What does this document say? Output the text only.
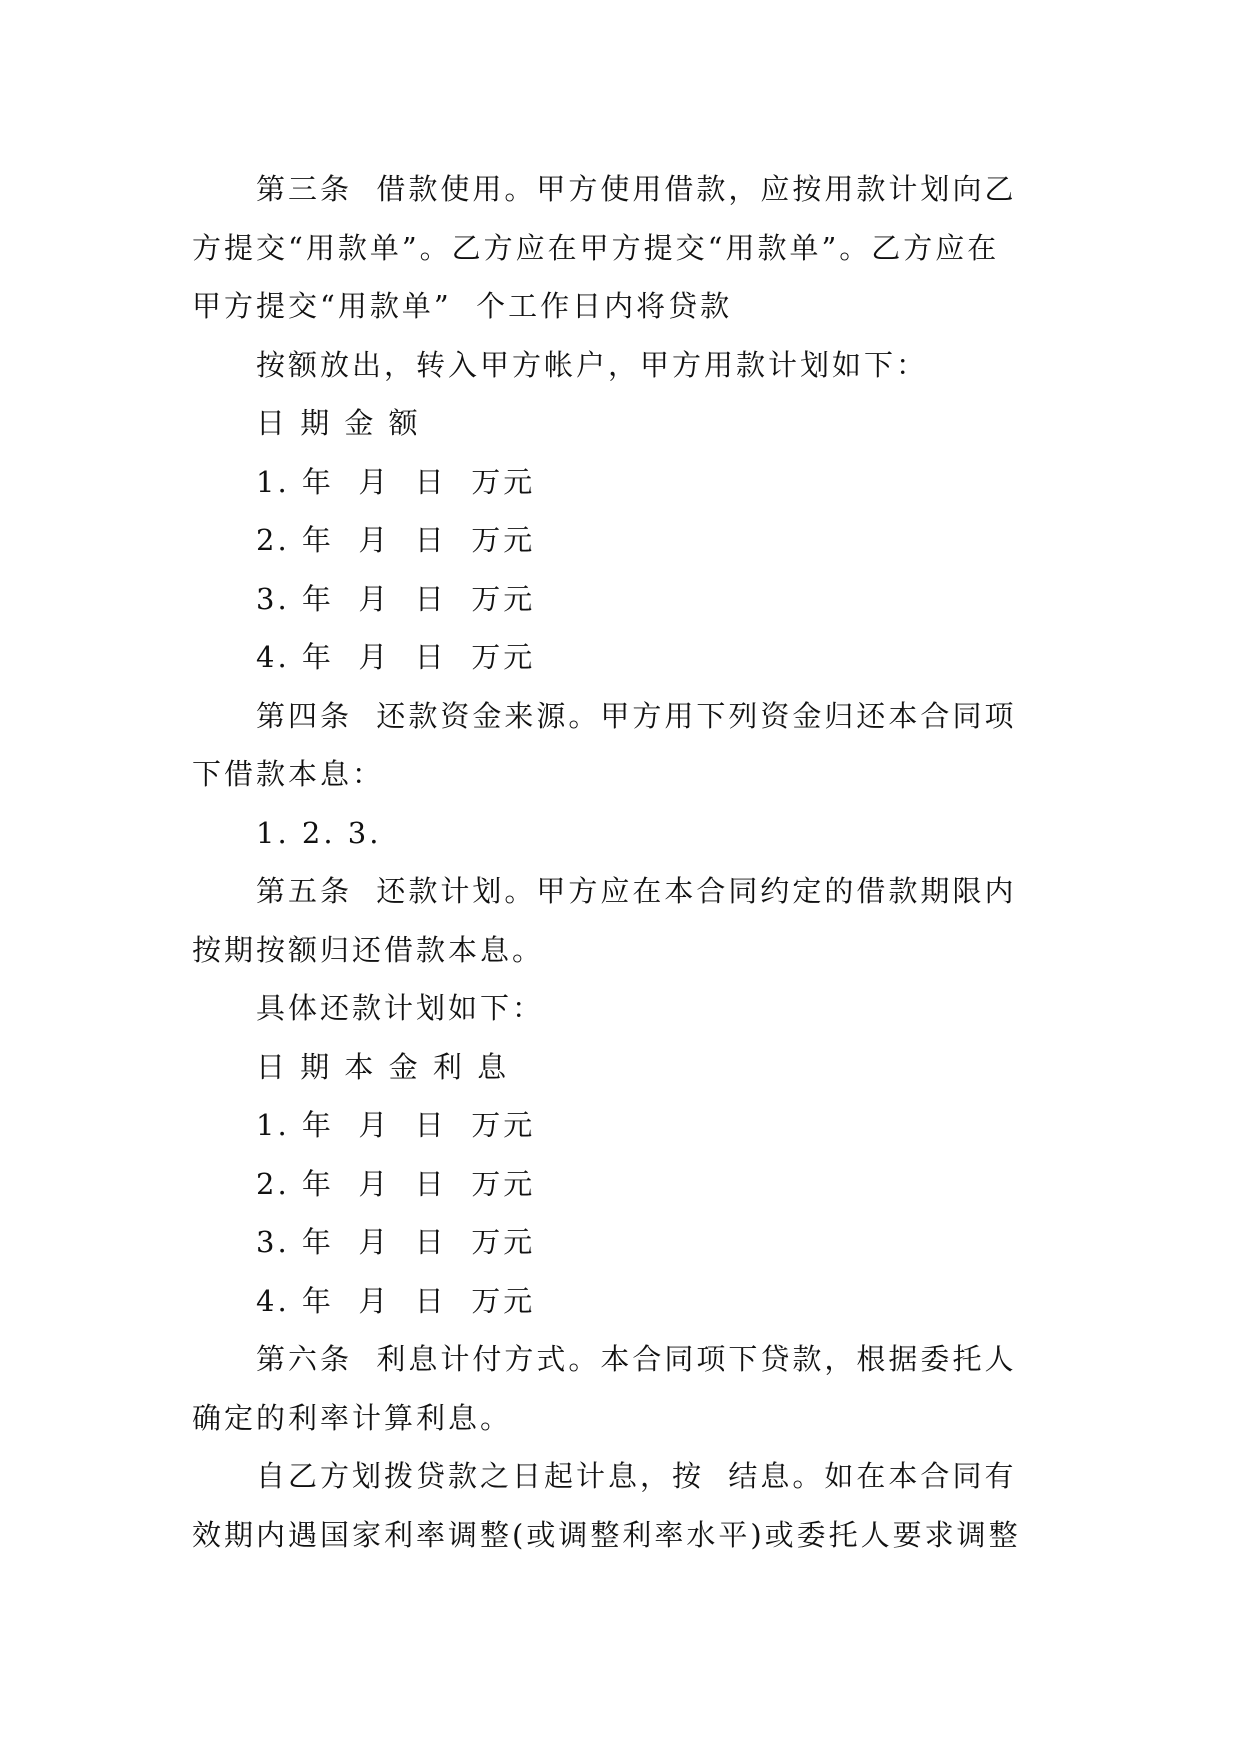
第三条  借款使用。甲方使用借款，应按用款计划向乙
方提交“用款单”。乙方应在甲方提交“用款单”。乙方应在
甲方提交“用款单”  个工作日内将贷款
按额放出，转入甲方帐户，甲方用款计划如下：
日 期 金 额
1. 年  月  日  万元
2. 年  月  日  万元
3. 年  月  日  万元
4. 年  月  日  万元
第四条  还款资金来源。甲方用下列资金归还本合同项
下借款本息：
1. 2. 3.
第五条  还款计划。甲方应在本合同约定的借款期限内
按期按额归还借款本息。
具体还款计划如下：
日 期 本 金 利 息
1. 年  月  日  万元
2. 年  月  日  万元
3. 年  月  日  万元
4. 年  月  日  万元
第六条  利息计付方式。本合同项下贷款，根据委托人
确定的利率计算利息。
自乙方划拨贷款之日起计息，按  结息。如在本合同有
效期内遇国家利率调整(或调整利率水平)或委托人要求调整
